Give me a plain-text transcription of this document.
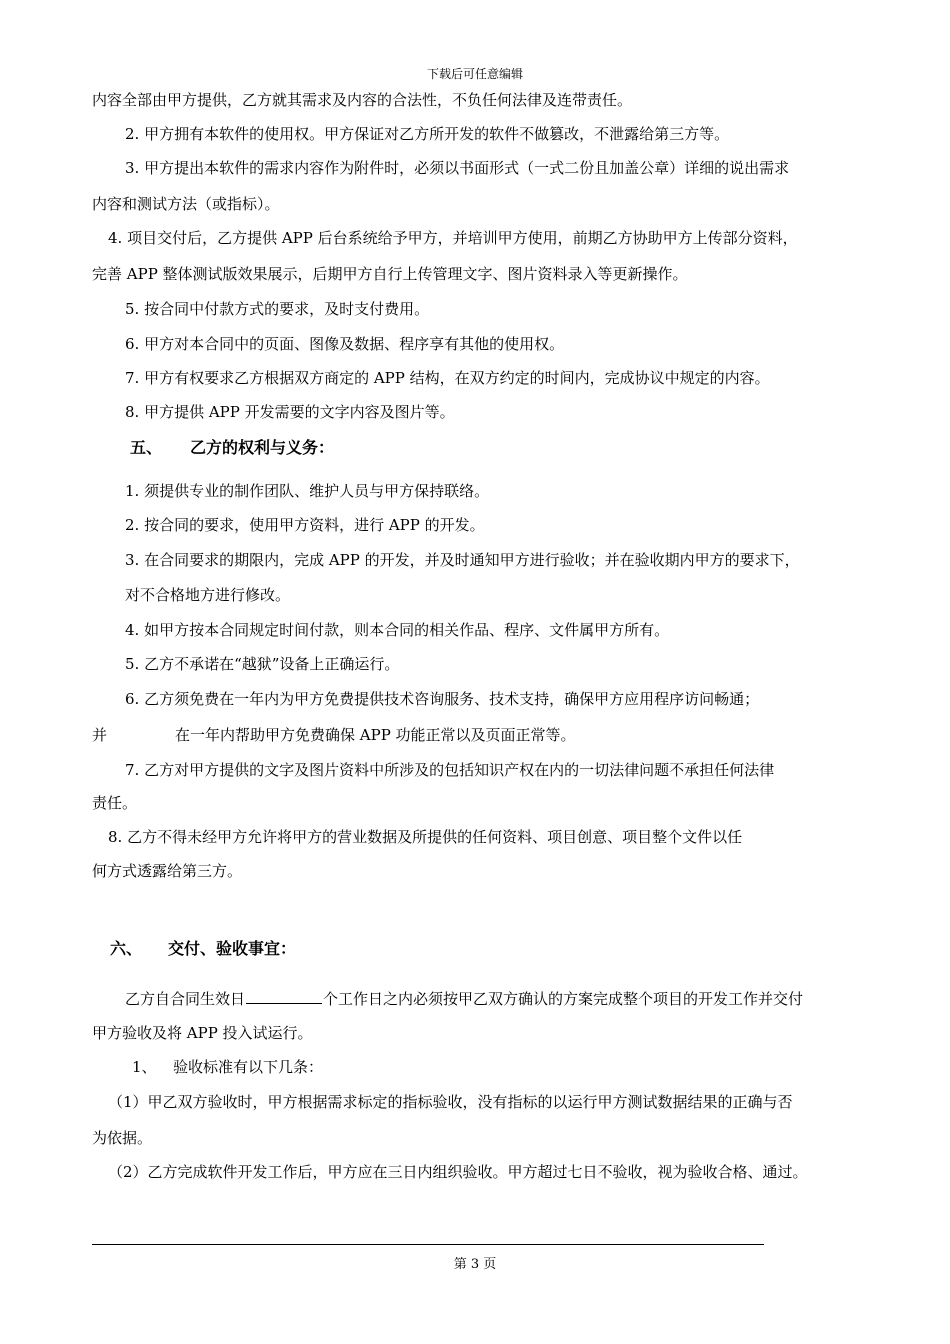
下载后可任意编辑
内容全部由甲方提供，乙方就其需求及内容的合法性，不负任何法律及连带责任。
2. 甲方拥有本软件的使用权。甲方保证对乙方所开发的软件不做篡改，不泄露给第三方等。
3. 甲方提出本软件的需求内容作为附件时，必须以书面形式（一式二份且加盖公章）详细的说出需求
内容和测试方法（或指标）。
4. 项目交付后，乙方提供 APP 后台系统给予甲方，并培训甲方使用，前期乙方协助甲方上传部分资料，
完善 APP 整体测试版效果展示，后期甲方自行上传管理文字、图片资料录入等更新操作。
5. 按合同中付款方式的要求，及时支付费用。
6. 甲方对本合同中的页面、图像及数据、程序享有其他的使用权。
7. 甲方有权要求乙方根据双方商定的 APP 结构，在双方约定的时间内，完成协议中规定的内容。
8. 甲方提供 APP 开发需要的文字内容及图片等。
五、 乙方的权利与义务：
1. 须提供专业的制作团队、维护人员与甲方保持联络。
2. 按合同的要求，使用甲方资料，进行 APP 的开发。
3. 在合同要求的期限内，完成 APP 的开发，并及时通知甲方进行验收；并在验收期内甲方的要求下，
对不合格地方进行修改。
4. 如甲方按本合同规定时间付款，则本合同的相关作品、程序、文件属甲方所有。
5. 乙方不承诺在“越狱”设备上正确运行。
6. 乙方须免费在一年内为甲方免费提供技术咨询服务、技术支持，确保甲方应用程序访问畅通；
并	在一年内帮助甲方免费确保 APP 功能正常以及页面正常等。
7. 乙方对甲方提供的文字及图片资料中所涉及的包括知识产权在内的一切法律问题不承担任何法律
责任。
8. 乙方不得未经甲方允许将甲方的营业数据及所提供的任何资料、项目创意、项目整个文件以任
何方式透露给第三方。
六、 交付、验收事宜：
乙方自合同生效日	个工作日之内必须按甲乙双方确认的方案完成整个项目的开发工作并交付
甲方验收及将 APP 投入试运行。
1、 验收标准有以下几条：
（1）甲乙双方验收时，甲方根据需求标定的指标验收，没有指标的以运行甲方测试数据结果的正确与否
为依据。
（2）乙方完成软件开发工作后，甲方应在三日内组织验收。甲方超过七日不验收，视为验收合格、通过。
第 3 页
